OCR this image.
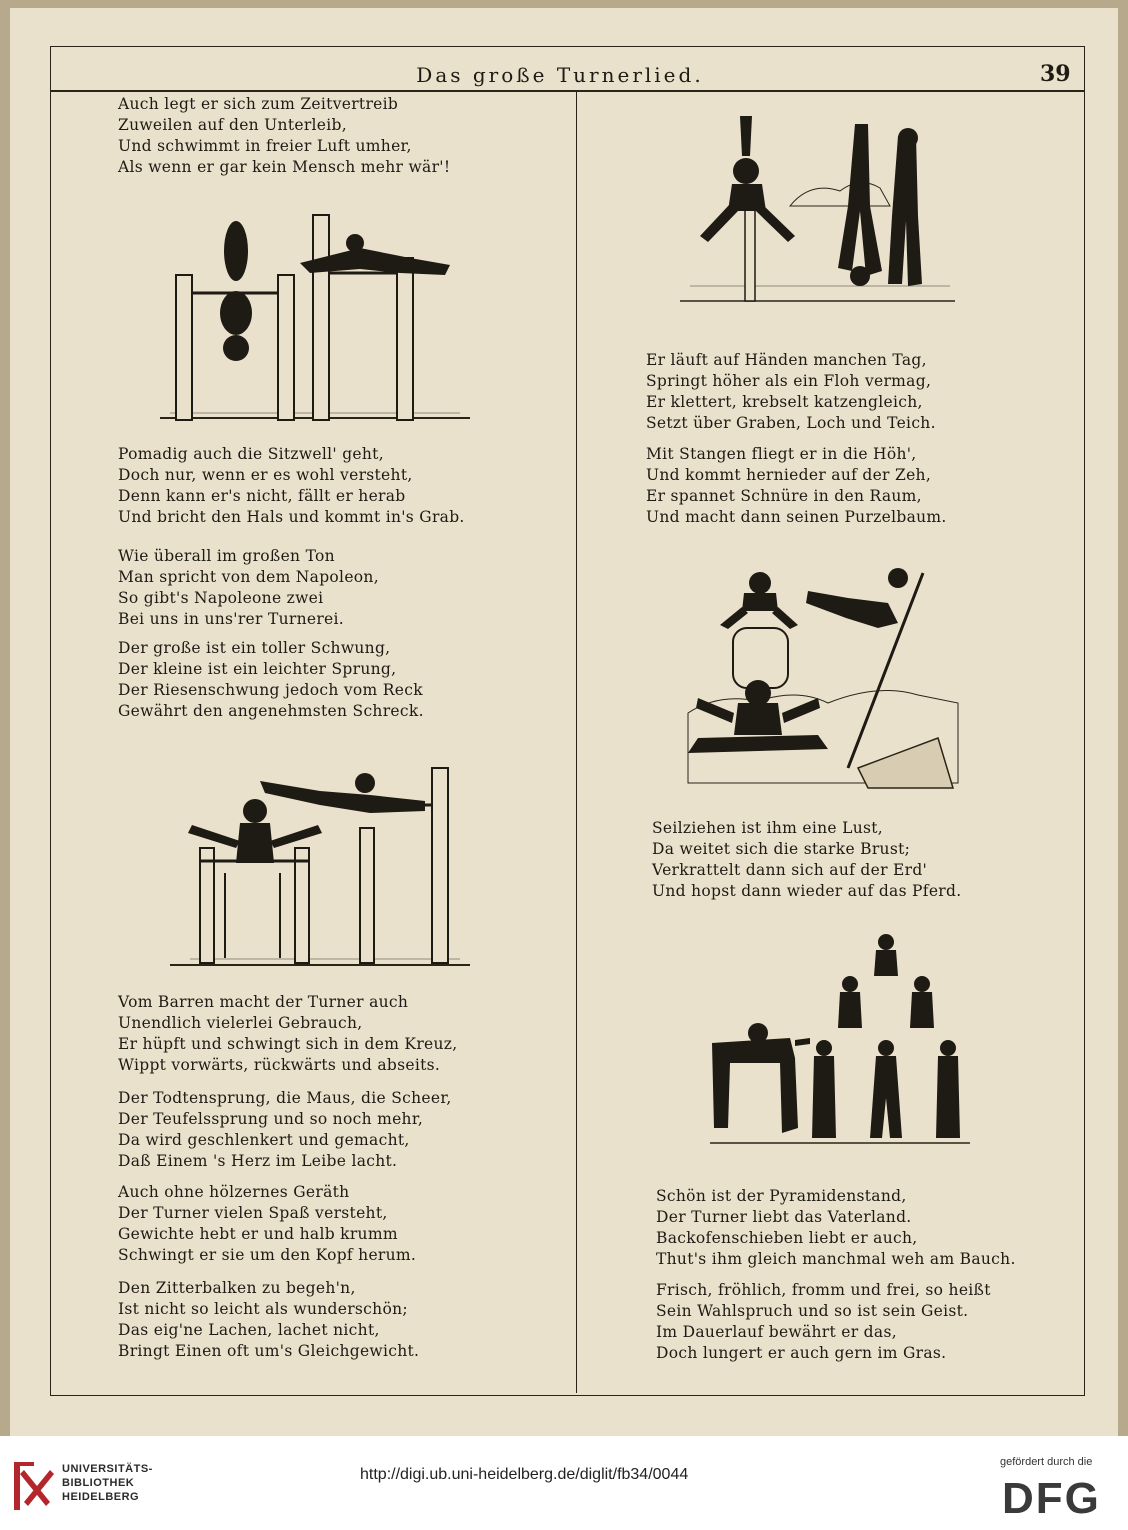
Das große Turnerlied.	39
Auch legt er sich zum Zeitvertreib
Zuweilen auf den Unterleib,
Und schwimmt in freier Luft umher,
Als wenn er gar kein Mensch mehr wär'!
Pomadig auch die Sitzwell' geht,
Doch nur, wenn er es wohl versteht,
Denn kann er's nicht, fällt er herab
Und bricht den Hals und kommt in's Grab.
Wie überall im großen Ton
Man spricht von dem Napoleon,
So gibt's Napoleone zwei
Bei uns in uns'rer Turnerei.
Der große ist ein toller Schwung,
Der kleine ist ein leichter Sprung,
Der Riesenschwung jedoch vom Reck
Gewährt den angenehmsten Schreck.
Vom Barren macht der Turner auch
Unendlich vielerlei Gebrauch,
Er hüpft und schwingt sich in dem Kreuz,
Wippt vorwärts, rückwärts und abseits.
Der Todtensprung, die Maus, die Scheer,
Der Teufelssprung und so noch mehr,
Da wird geschlenkert und gemacht,
Daß Einem 's Herz im Leibe lacht.
Auch ohne hölzernes Geräth
Der Turner vielen Spaß versteht,
Gewichte hebt er und halb krumm
Schwingt er sie um den Kopf herum.
Den Zitterbalken zu begeh'n,
Ist nicht so leicht als wunderschön;
Das eig'ne Lachen, lachet nicht,
Bringt Einen oft um's Gleichgewicht.
Er läuft auf Händen manchen Tag,
Springt höher als ein Floh vermag,
Er klettert, krebselt katzengleich,
Setzt über Graben, Loch und Teich.
Mit Stangen fliegt er in die Höh',
Und kommt hernieder auf der Zeh,
Er spannet Schnüre in den Raum,
Und macht dann seinen Purzelbaum.
Seilziehen ist ihm eine Lust,
Da weitet sich die starke Brust;
Verkrattelt dann sich auf der Erd'
Und hopst dann wieder auf das Pferd.
Schön ist der Pyramidenstand,
Der Turner liebt das Vaterland.
Backofenschieben liebt er auch,
Thut's ihm gleich manchmal weh am Bauch.
Frisch, fröhlich, fromm und frei, so heißt
Sein Wahlspruch und so ist sein Geist.
Im Dauerlauf bewährt er das,
Doch lungert er auch gern im Gras.
UNIVERSITÄTS-
BIBLIOTHEK
HEIDELBERG
http://digi.ub.uni-heidelberg.de/diglit/fb34/0044
gefördert durch die
DFG
